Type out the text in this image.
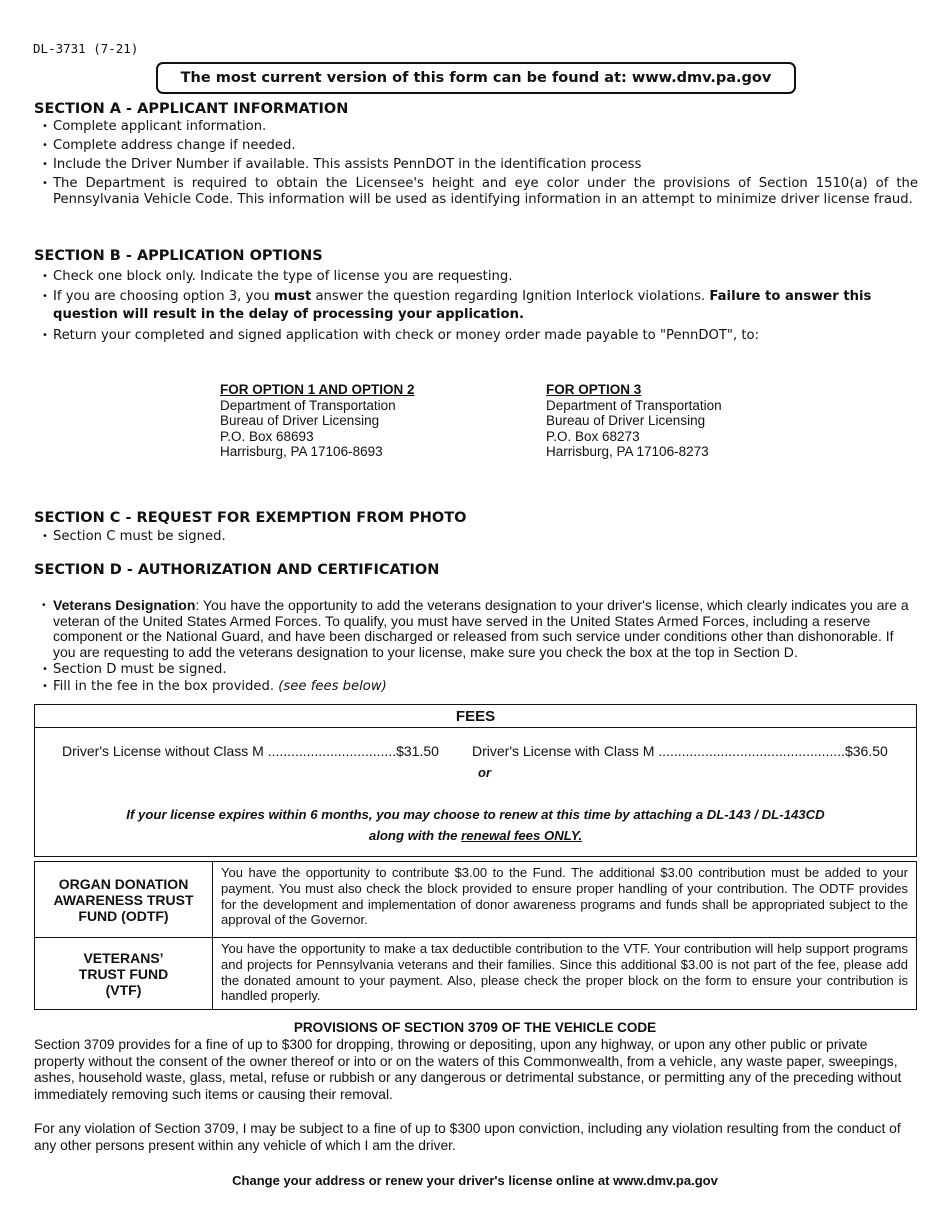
DL-3731 (7-21)
The most current version of this form can be found at: www.dmv.pa.gov
SECTION A - APPLICANT INFORMATION
• Complete applicant information.
• Complete address change if needed.
• Include the Driver Number if available. This assists PennDOT in the identification process
• The Department is required to obtain the Licensee's height and eye color under the provisions of Section 1510(a) of the Pennsylvania Vehicle Code. This information will be used as identifying information in an attempt to minimize driver license fraud.
SECTION B - APPLICATION OPTIONS
• Check one block only. Indicate the type of license you are requesting.
• If you are choosing option 3, you must answer the question regarding Ignition Interlock violations. Failure to answer this question will result in the delay of processing your application.
• Return your completed and signed application with check or money order made payable to "PennDOT", to:
FOR OPTION 1 AND OPTION 2
Department of Transportation
Bureau of Driver Licensing
P.O. Box 68693
Harrisburg, PA 17106-8693
FOR OPTION 3
Department of Transportation
Bureau of Driver Licensing
P.O. Box 68273
Harrisburg, PA 17106-8273
SECTION C - REQUEST FOR EXEMPTION FROM PHOTO
• Section C must be signed.
SECTION D - AUTHORIZATION AND CERTIFICATION
• Veterans Designation: You have the opportunity to add the veterans designation to your driver's license, which clearly indicates you are a veteran of the United States Armed Forces. To qualify, you must have served in the United States Armed Forces, including a reserve component or the National Guard, and have been discharged or released from such service under conditions other than dishonorable. If you are requesting to add the veterans designation to your license, make sure you check the box at the top in Section D.
• Section D must be signed.
• Fill in the fee in the box provided. (see fees below)
FEES

Driver's License without Class M .................................$31.50 Driver's License with Class M ................................................$36.50
or
If your license expires within 6 months, you may choose to renew at this time by attaching a DL-143 / DL-143CD
along with the renewal fees ONLY.
ORGAN DONATION AWARENESS TRUST FUND (ODTF)	You have the opportunity to contribute $3.00 to the Fund. The additional $3.00 contribution must be added to your payment. You must also check the block provided to ensure proper handling of your contribution. The ODTF provides for the development and implementation of donor awareness programs and funds shall be appropriated subject to the approval of the Governor.
VETERANS’ TRUST FUND (VTF)	You have the opportunity to make a tax deductible contribution to the VTF. Your contribution will help support programs and projects for Pennsylvania veterans and their families. Since this additional $3.00 is not part of the fee, please add the donated amount to your payment. Also, please check the proper block on the form to ensure your contribution is handled properly.
PROVISIONS OF SECTION 3709 OF THE VEHICLE CODE
Section 3709 provides for a fine of up to $300 for dropping, throwing or depositing, upon any highway, or upon any other public or private property without the consent of the owner thereof or into or on the waters of this Commonwealth, from a vehicle, any waste paper, sweepings, ashes, household waste, glass, metal, refuse or rubbish or any dangerous or detrimental substance, or permitting any of the preceding without immediately removing such items or causing their removal.
For any violation of Section 3709, I may be subject to a fine of up to $300 upon conviction, including any violation resulting from the conduct of any other persons present within any vehicle of which I am the driver.
Change your address or renew your driver's license online at www.dmv.pa.gov
